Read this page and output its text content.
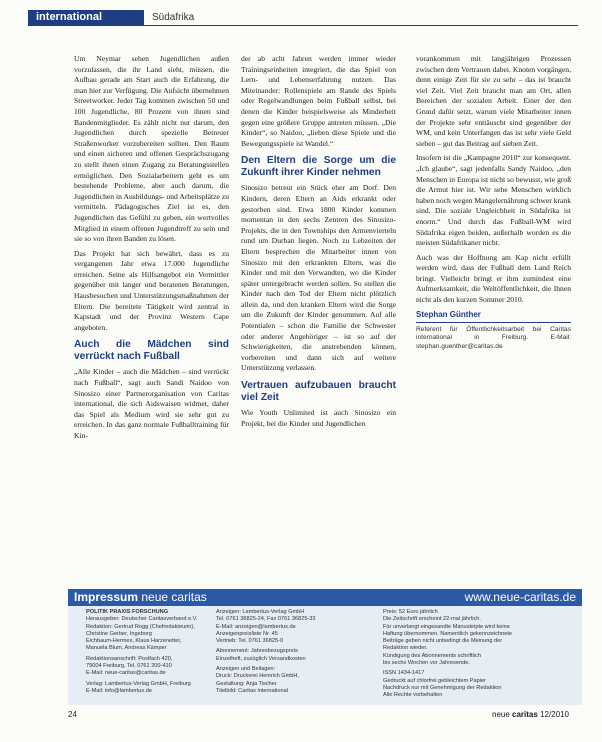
international	Südafrika

Um Neymar sehen Jugendlichen außen vorzulassen, die ihr Land sieht, müssen, die Aufbau gerade am Start auch die Erfahrung, die man hier zur Verfügung. Die Aufsicht übernehmen Streetworker. Jeder Tag kommen zwischen 50 und 100 Jugendliche, 80 Prozent von ihnen sind Bandenmitglieder. Es zählt nicht nur darum, den Jugendlichen durch spezielle Betreuer Straßenworker vorzubereiten sollten. Den Raum und einen sicheren und offenen Gesprächszugang zu stellt ihnen einen Zugang zu Beratungsstellen ermöglichen. Den Sozialarbeitern geht es um bestehende Probleme, aber auch darum, die Jugendlichen in Ausbildungs- und Arbeitsplätze zu vermitteln. Pädagogisches Ziel ist es, den Jugendlichen das Gefühl zu geben, ein wertvolles Mitglied in einem offenen Jugendtreff zu sein und sie so von ihren Banden zu lösen.

Das Projekt hat sich bewährt, dass es zu vergangenen Jahr etwa 17.000 Jugendliche erreichen. Seine als Hilfsangebot ein Vermittler gegenüber mit langer und beratenen Beratungen, Hausbesuchen und Unterstützungsmaßnahmen der Eltern. Die bereitete Tätigkeit wird zentral in Kapstadt und der Provinz Western Cape angeboten.

Auch die Mädchen sind verrückt nach Fußball

„Alle Kinder – auch die Mädchen – sind verrückt nach Fußball“, sagt auch Sandi Naidoo von Sinosizo einer Partnerorganisation von Caritas international, die sich Aidswaisen widmet, daher das Spiel als Medium wird sie sehr gut zu erreichen. In das ganz normale Fußballtraining für Kin-

der ab acht Jahren werden immer wieder Trainingseinheiten integriert, die das Spiel von Lern- und Lebenserfahrung nutzen. Das Miteinander: Rollenspiele am Rande des Spiels oder Regelwandlungen beim Fußball selbst, bei denen die Kinder beispielsweise als Minderheit gegen eine größere Gruppe antreten müssen. „Die Kinder“, so Naidoo, „lieben diese Spiele und die Bewegungsspiele ist Wandel.“

Den Eltern die Sorge um die Zukunft ihrer Kinder nehmen

Sinosizo betreut ein Stück eher am Dorf. Den Kindern, deren Eltern an Aids erkrankt oder gestorben sind. Etwa 1800 Kinder kommen momentan in den sechs Zentren des Sinosizo-Projekts, die in den Townships den Armenvierteln rund um Durban liegen. Noch zu Lebzeiten der Eltern besprechen die Mitarbeiter innen von Sinosizo mit den erkrankten Eltern, was die Kinder und mit den Verwandten, wo die Kinder später untergebracht werden sollen. So stellen die Kinder nach den Tod der Eltern nicht plötzlich allein da, und den kranken Eltern wird die Sorge um die Zukunft der Kinder genommen. Auf alle Potentialen – schon die Familie der Schwester oder anderer Angehöriger – ist so auf der Schwierigkeiten, die anstrebenden können, vorbereiten und dann sich auf weitere Unterstützung verlassen.

Vertrauen aufzubauen braucht viel Zeit

Wie Youth Unlimited ist auch Sinosizo ein Projekt, bei die Kinder und Jugendlichen

vorankommen mit langjährigen Prozessen zwischen dem Vertrauen dabei. Knoten vorgängen, denn einige Zeit für sie zu sehr – das ist braucht viel Zeit. Viel Zeit braucht man am Ort, allen Bereichen der sozialen Arbeit. Einer der den Grund dafür setzt, warum viele Mitarbeiter innen der Projekte sehr enttäuscht sind gegenüber der WM, und kein Unterfangen das ist sehr viele Geld sieben – gut das Beitrag auf sieben Zeit.

Insofern ist die „Kampagne 2010“ zur konsequent. „Ich glaube“, sagt jedenfalls Sandy Naidoo, „den Menschen in Europa ist nicht so bewusst, wie groß die Armut hier ist. Wir sehe Menschen wirklich haben noch wegen Mangelernährung schwer krank sind. Die soziale Ungleichheit in Südafrika ist enorm.“ Und durch das Fußball-WM wird Südafrika eigen beiden, außerhalb worden es die meisten Südafrikaner nicht.

Auch was der Hoffnung am Kap nicht erfüllt werden wird, dass der Fußball dem Land Reich bringt. Vielleicht bringt er ihm zumindest eine Aufmerksamkeit, die Weltöffentlichkeit, die Ihnen nicht als den kurzen Sommer 2010.

Stephan Günther
Referent für Öffentlichkeitsarbeit bei Caritas international in Freiburg. E-Mail: stephan.guenther@caritas.de
Impressum neue caritas	www.neue-caritas.de
POLITIK PRAXIS FORSCHUNG
Herausgeber: Deutscher Caritasverband e.V.
Redaktion: Gertrud Rogg (Chefredakteurin),
Christine Gerber, Ingeborg
Eichbaum-Hermes, Klaus Harzenetter,
Manuela Blum, Andreas Kämper
Redaktionsanschrift: Postfach 420,
79004 Freiburg, Tel. 0761 200-410
E-Mail: neue-caritas@caritas.de
Verlag: Lambertus-Verlag GmbH, Freiburg
E-Mail: info@lambertus.de
Anzeigen: Lambertus-Verlag GmbH
Tel. 0761 36825-24, Fax 0761 36825-33
E-Mail: anzeigen@lambertus.de
Anzeigenpreisliste Nr. 45
Vertrieb: Tel. 0761 36825-0
Abonnement: Jahresbezugspreis
Einzelheft, zuzüglich Versandkosten
Anzeigen und Beilagen:
Druck: Druckerei Heinrich GmbH,
Gestaltung: Anja Tischer
Titelbild: Caritas international
Preis: 52 Euro jährlich
Die Zeitschrift erscheint 22-mal jährlich.
Für unverlangt eingesandte Manuskripte wird keine
Haftung übernommen. Namentlich gekennzeichnete
Beiträge geben nicht unbedingt die Meinung der
Redaktion wieder.
Kündigung des Abonnements schriftlich
bis sechs Wochen vor Jahresende.
ISSN 1434-1417
Gedruckt auf chlorfrei gebleichtem Papier
Nachdruck nur mit Genehmigung der Redaktion
Alle Rechte vorbehalten
24	neue caritas 12/2010
